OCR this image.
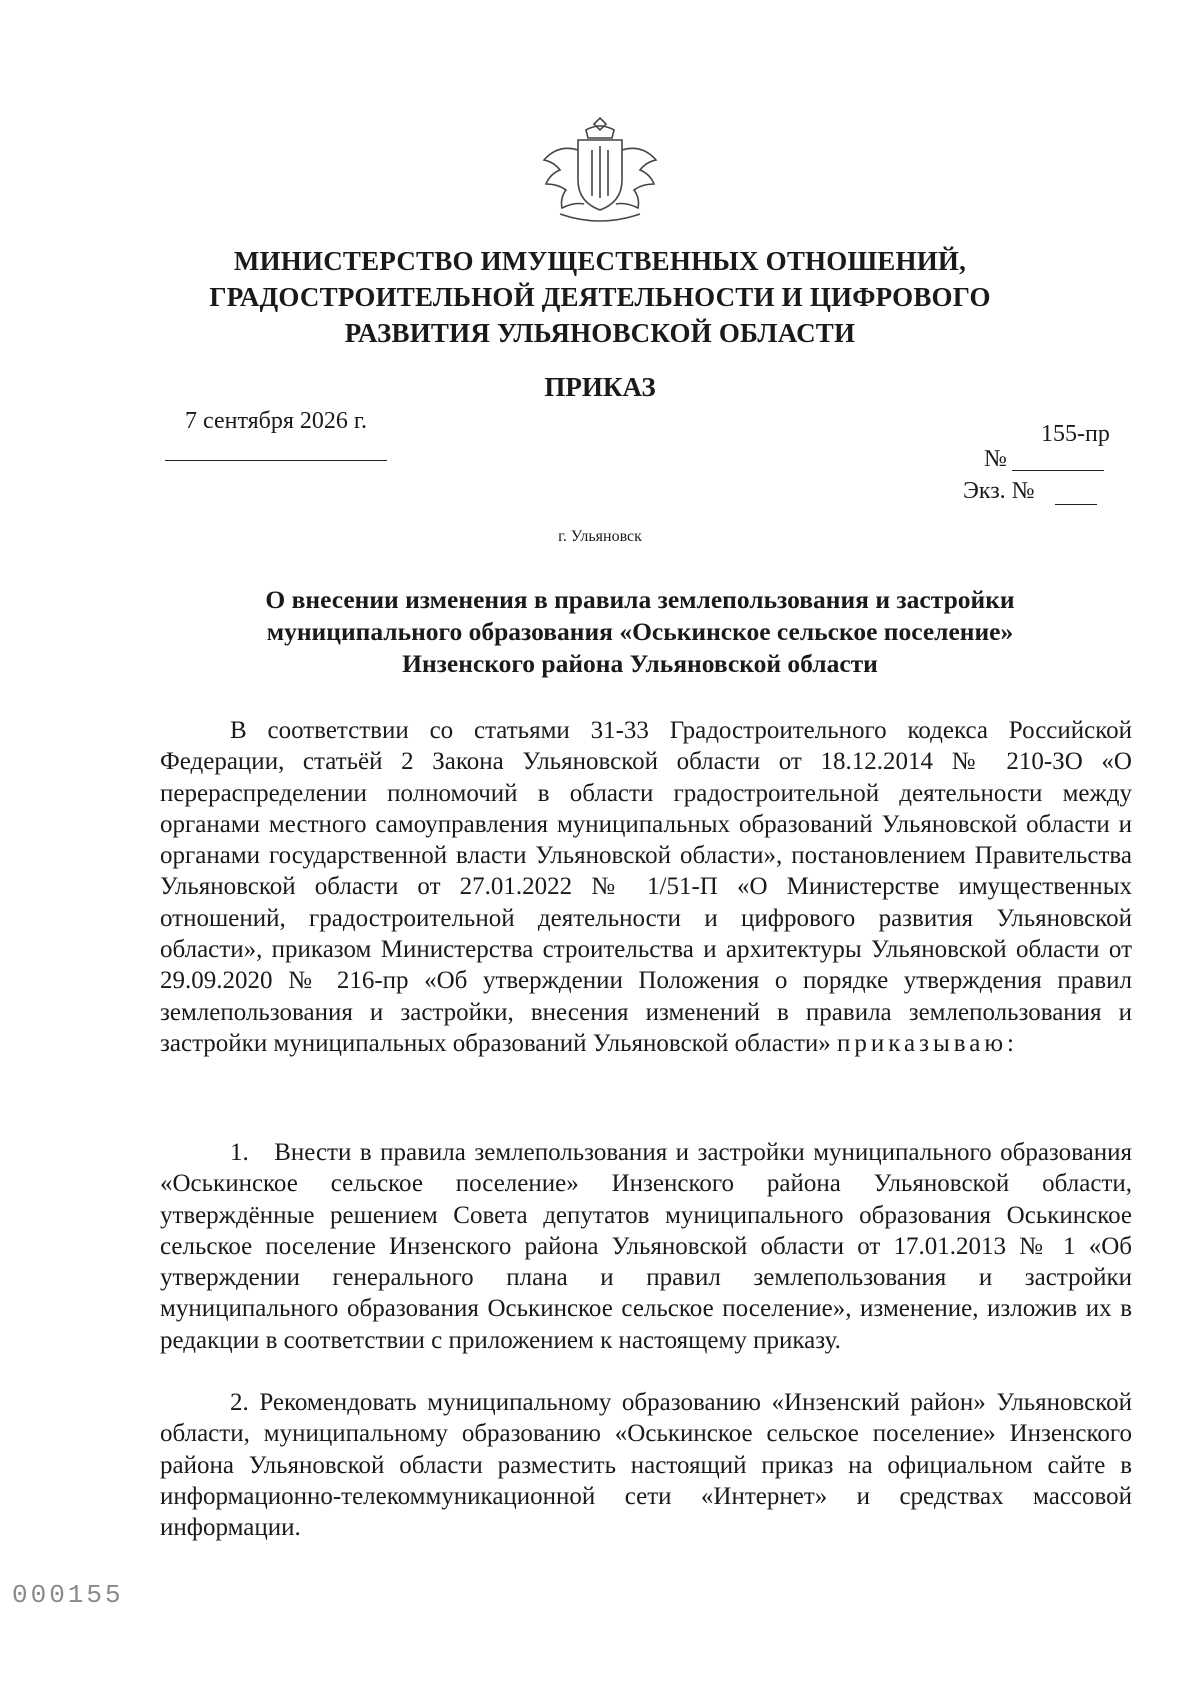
МИНИСТЕРСТВО ИМУЩЕСТВЕННЫХ ОТНОШЕНИЙ,
ГРАДОСТРОИТЕЛЬНОЙ ДЕЯТЕЛЬНОСТИ И ЦИФРОВОГО
РАЗВИТИЯ УЛЬЯНОВСКОЙ ОБЛАСТИ
ПРИКАЗ
7 сентября 2026 г.	155-пр
№
Экз. №
г. Ульяновск
О внесении изменения в правила землепользования и застройки
муниципального образования «Оськинское сельское поселение»
Инзенского района Ульяновской области
В соответствии со статьями 31-33 Градостроительного кодекса Российской Федерации, статьёй 2 Закона Ульяновской области от 18.12.2014 № 210-ЗО «О перераспределении полномочий в области градостроительной деятельности между органами местного самоуправления муниципальных образований Ульяновской области и органами государственной власти Ульяновской области», постановлением Правительства Ульяновской области от 27.01.2022 № 1/51-П «О Министерстве имущественных отношений, градостроительной деятельности и цифрового развития Ульяновской области», приказом Министерства строительства и архитектуры Ульяновской области от 29.09.2020 № 216-пр «Об утверждении Положения о порядке утверждения правил землепользования и застройки, внесения изменений в правила землепользования и застройки муниципальных образований Ульяновской области» приказываю:
1.   Внести в правила землепользования и застройки муниципального образования «Оськинское сельское поселение» Инзенского района Ульяновской области, утверждённые решением Совета депутатов муниципального образования Оськинское сельское поселение Инзенского района Ульяновской области от 17.01.2013 № 1 «Об утверждении генерального плана и правил землепользования и застройки муниципального образования Оськинское сельское поселение», изменение, изложив их в редакции в соответствии с приложением к настоящему приказу.
2. Рекомендовать муниципальному образованию «Инзенский район» Ульяновской области, муниципальному образованию «Оськинское сельское поселение» Инзенского района Ульяновской области разместить настоящий приказ на официальном сайте в информационно-телекоммуникационной сети «Интернет» и средствах массовой информации.
000155
